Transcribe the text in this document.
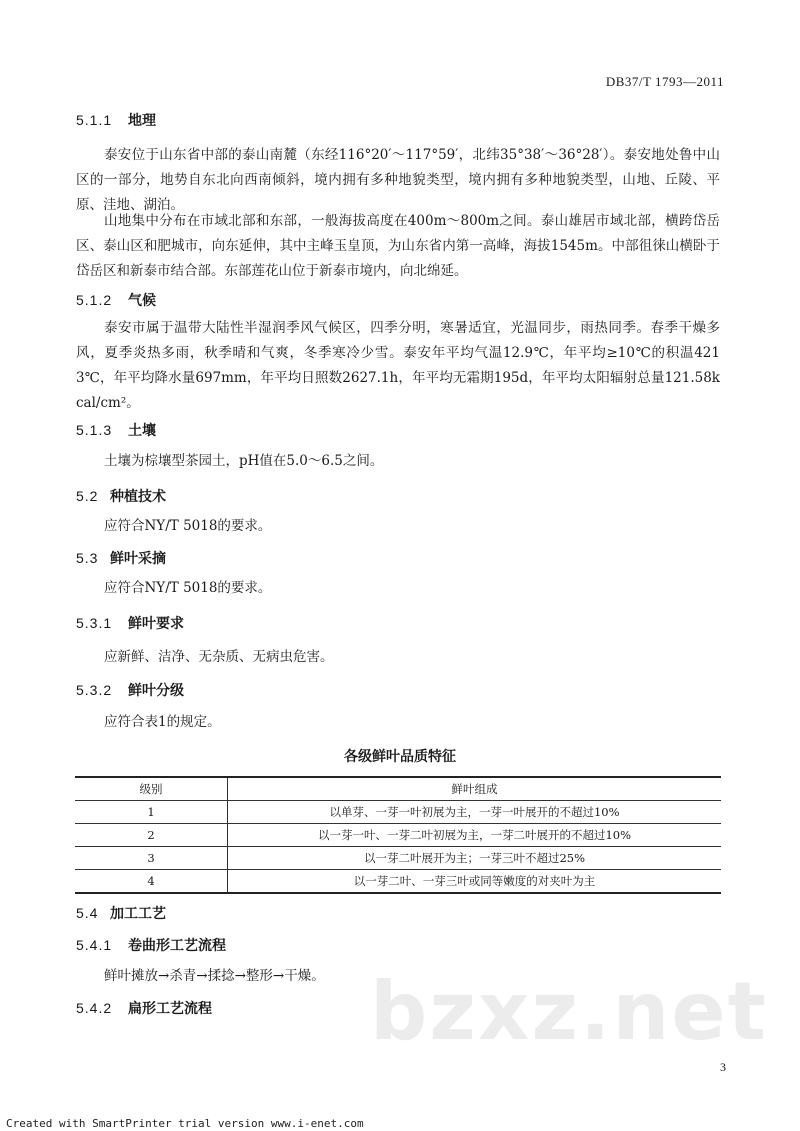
DB37/T 1793—2011
5.1.1 地理
泰安位于山东省中部的泰山南麓（东经116°20′～117°59′，北纬35°38′～36°28′）。泰安地处鲁中山区的一部分，地势自东北向西南倾斜，境内拥有多种地貌类型，境内拥有多种地貌类型，山地、丘陵、平原、洼地、湖泊。
山地集中分布在市域北部和东部，一般海拔高度在400m～800m之间。泰山雄居市域北部，横跨岱岳区、泰山区和肥城市，向东延伸，其中主峰玉皇顶，为山东省内第一高峰，海拔1545m。中部徂徕山横卧于岱岳区和新泰市结合部。东部莲花山位于新泰市境内，向北绵延。
5.1.2 气候
泰安市属于温带大陆性半湿润季风气候区，四季分明，寒暑适宜，光温同步，雨热同季。春季干燥多风，夏季炎热多雨，秋季晴和气爽，冬季寒冷少雪。泰安年平均气温12.9℃，年平均≥10℃的积温4213℃，年平均降水量697mm，年平均日照数2627.1h，年平均无霜期195d，年平均太阳辐射总量121.58kcal/cm²。
5.1.3 土壤
土壤为棕壤型茶园土，pH值在5.0～6.5之间。
5.2 种植技术
应符合NY/T 5018的要求。
5.3 鲜叶采摘
应符合NY/T 5018的要求。
5.3.1 鲜叶要求
应新鲜、洁净、无杂质、无病虫危害。
5.3.2 鲜叶分级
应符合表1的规定。
各级鲜叶品质特征
级别	鲜叶组成
1	以单芽、一芽一叶初展为主，一芽一叶展开的不超过10%
2	以一芽一叶、一芽二叶初展为主，一芽二叶展开的不超过10%
3	以一芽二叶展开为主；一芽三叶不超过25%
4	以一芽二叶、一芽三叶或同等嫩度的对夹叶为主
5.4 加工工艺
5.4.1 卷曲形工艺流程
鲜叶摊放→杀青→揉捻→整形→干燥。
5.4.2 扁形工艺流程 bzxz.net
3
Created with SmartPrinter trial version www.i-enet.com
